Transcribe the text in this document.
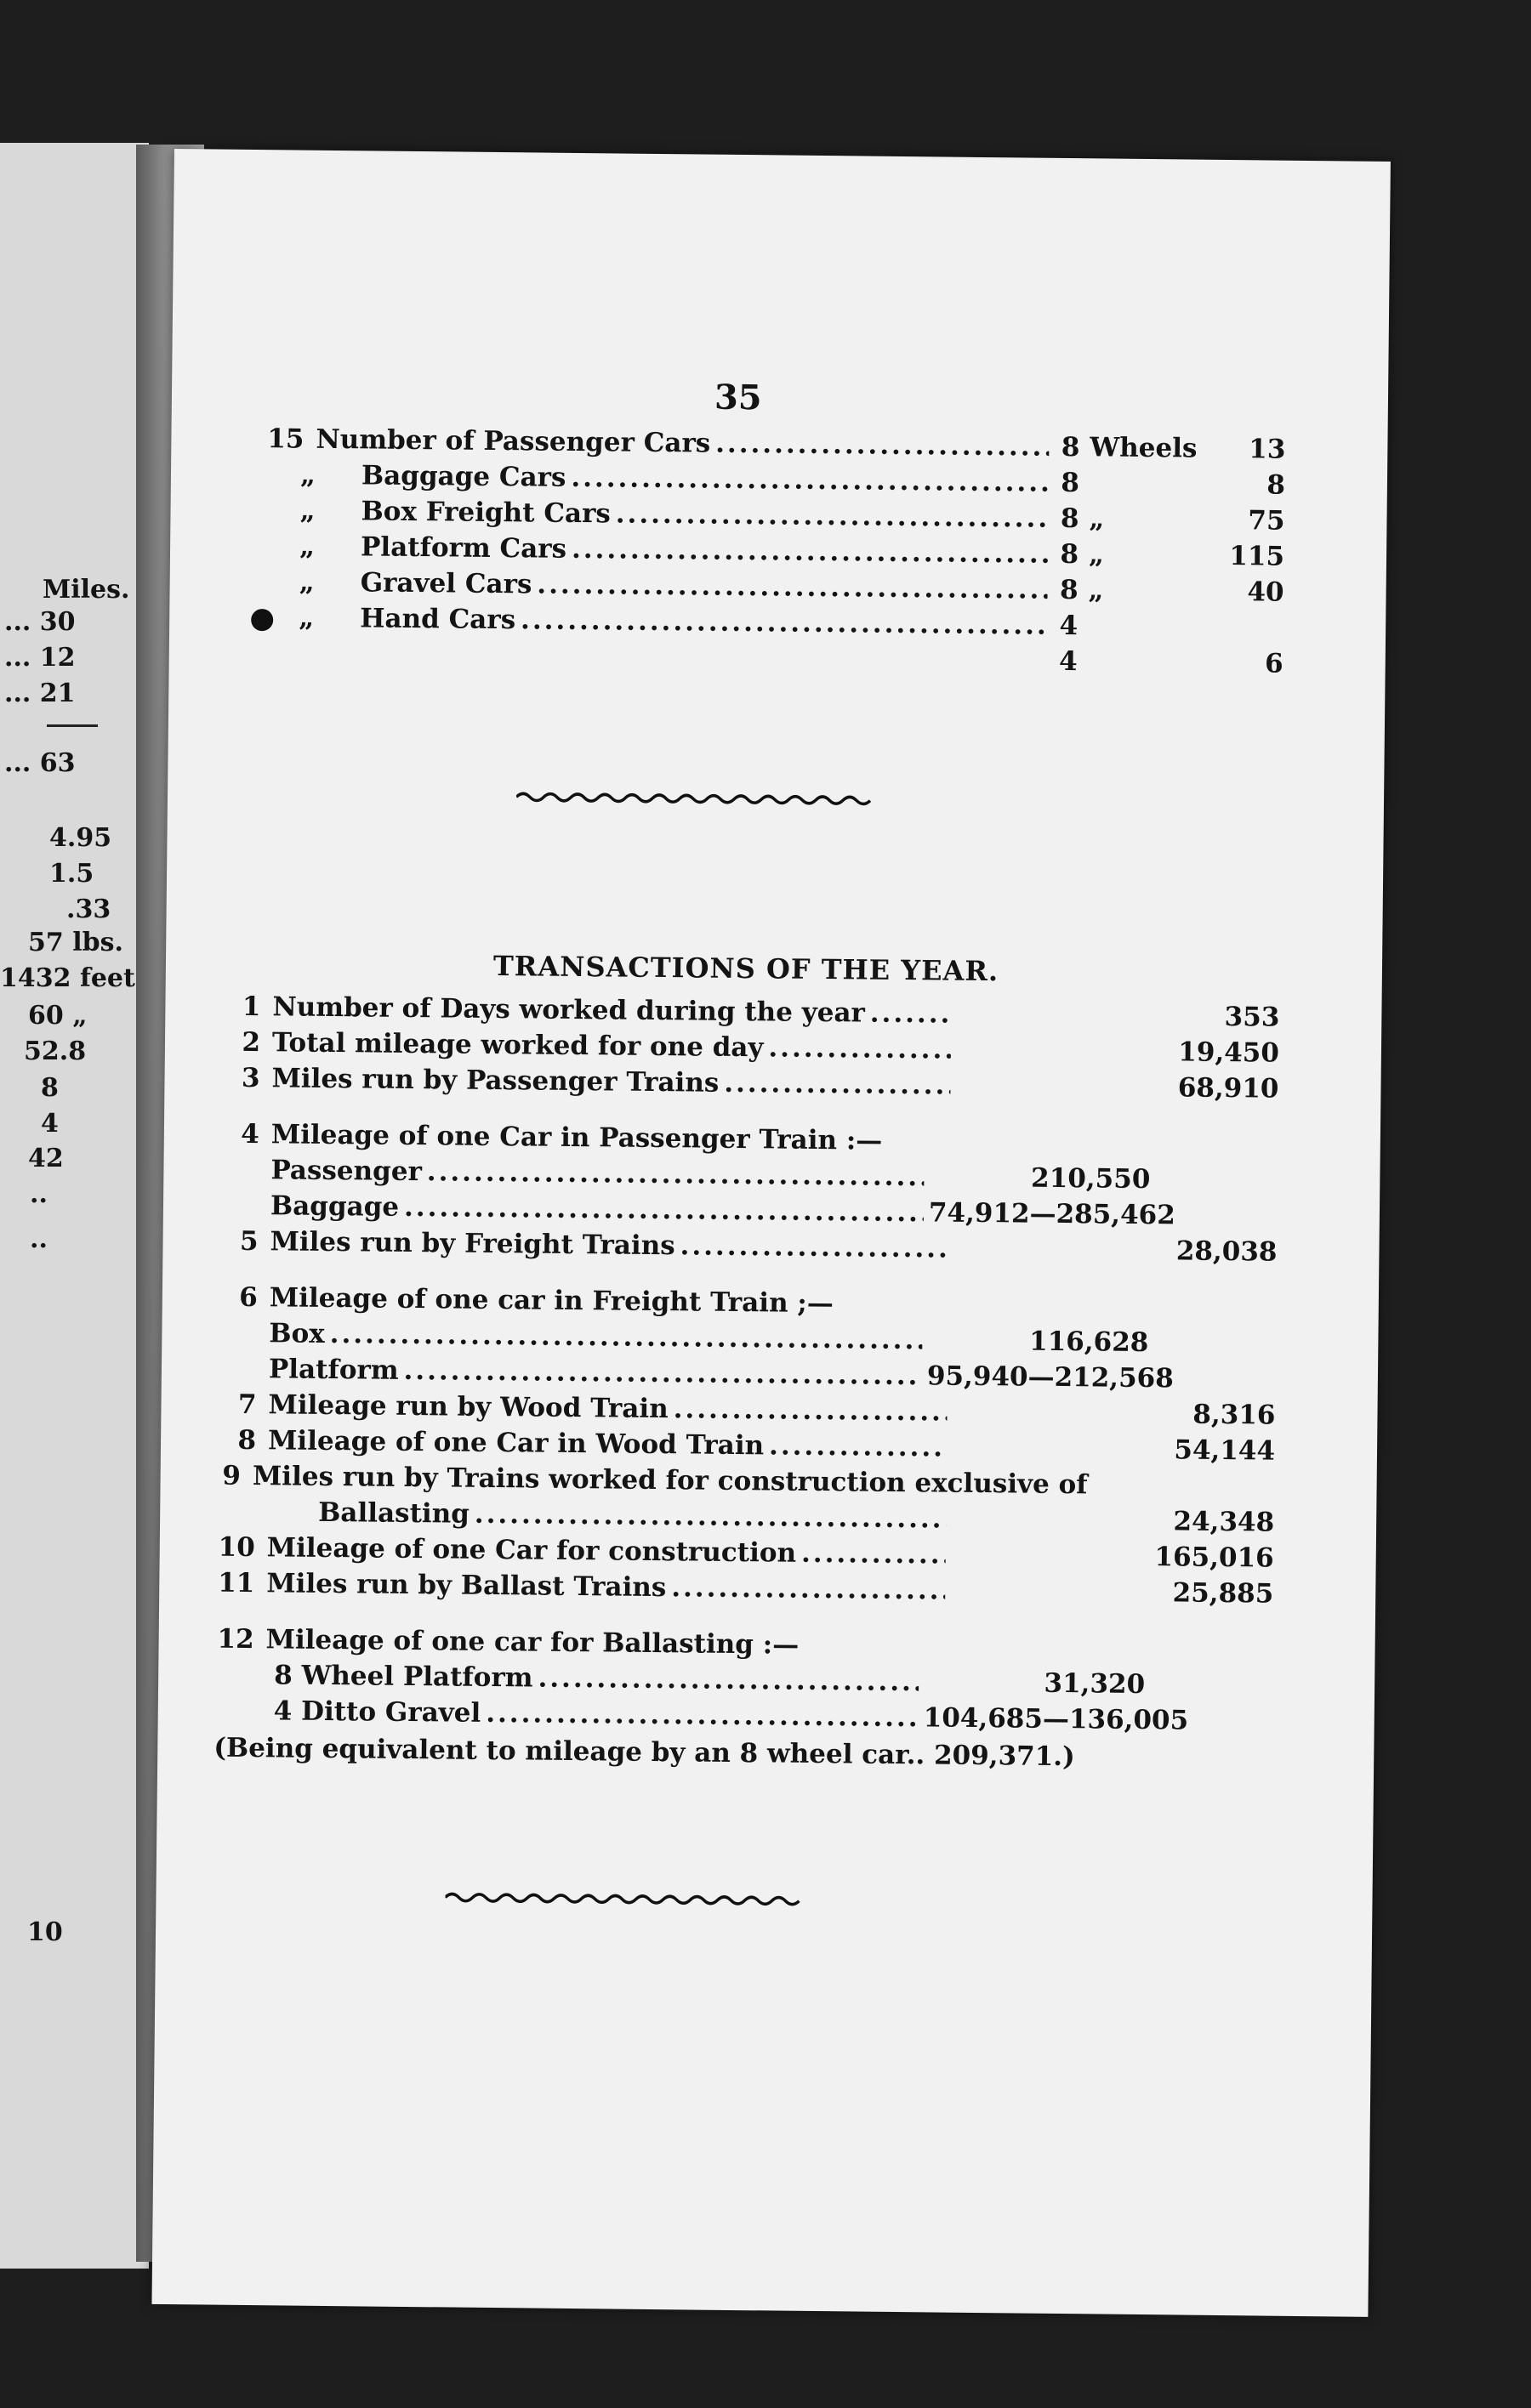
Miles.
... 30
... 12
... 21
... 63
4.95
1.5
.33
57 lbs.
1432 feet
60 „
52.8
8
4
42
..
..
10
35
15 Number of Passenger Cars .....	8 Wheels	13
„ Baggage Cars .....	8	8
„ Box Freight Cars .....	8 „	75
„ Platform Cars .....	8 „	115
„ Gravel Cars .....	8 „	40
„ Hand Cars .....	4
4	6
TRANSACTIONS OF THE YEAR.
1 Number of Days worked during the year .....	353
2 Total mileage worked for one day .....	19,450
3 Miles run by Passenger Trains .....	68,910
4 Mileage of one Car in Passenger Train :—
Passenger .....	210,550
Baggage .....	74,912—285,462
5 Miles run by Freight Trains .....	28,038
6 Mileage of one car in Freight Train ;—
Box .....	116,628
Platform .....	95,940—212,568
7 Mileage run by Wood Train .....	8,316
8 Mileage of one Car in Wood Train .....	54,144
9 Miles run by Trains worked for construction exclusive of
Ballasting .....	24,348
10 Mileage of one Car for construction .....	165,016
11 Miles run by Ballast Trains .....	25,885
12 Mileage of one car for Ballasting :—
8 Wheel Platform .....	31,320
4 Ditto Gravel .....	104,685—136,005
(Being equivalent to mileage by an 8 wheel car.. 209,371.)
